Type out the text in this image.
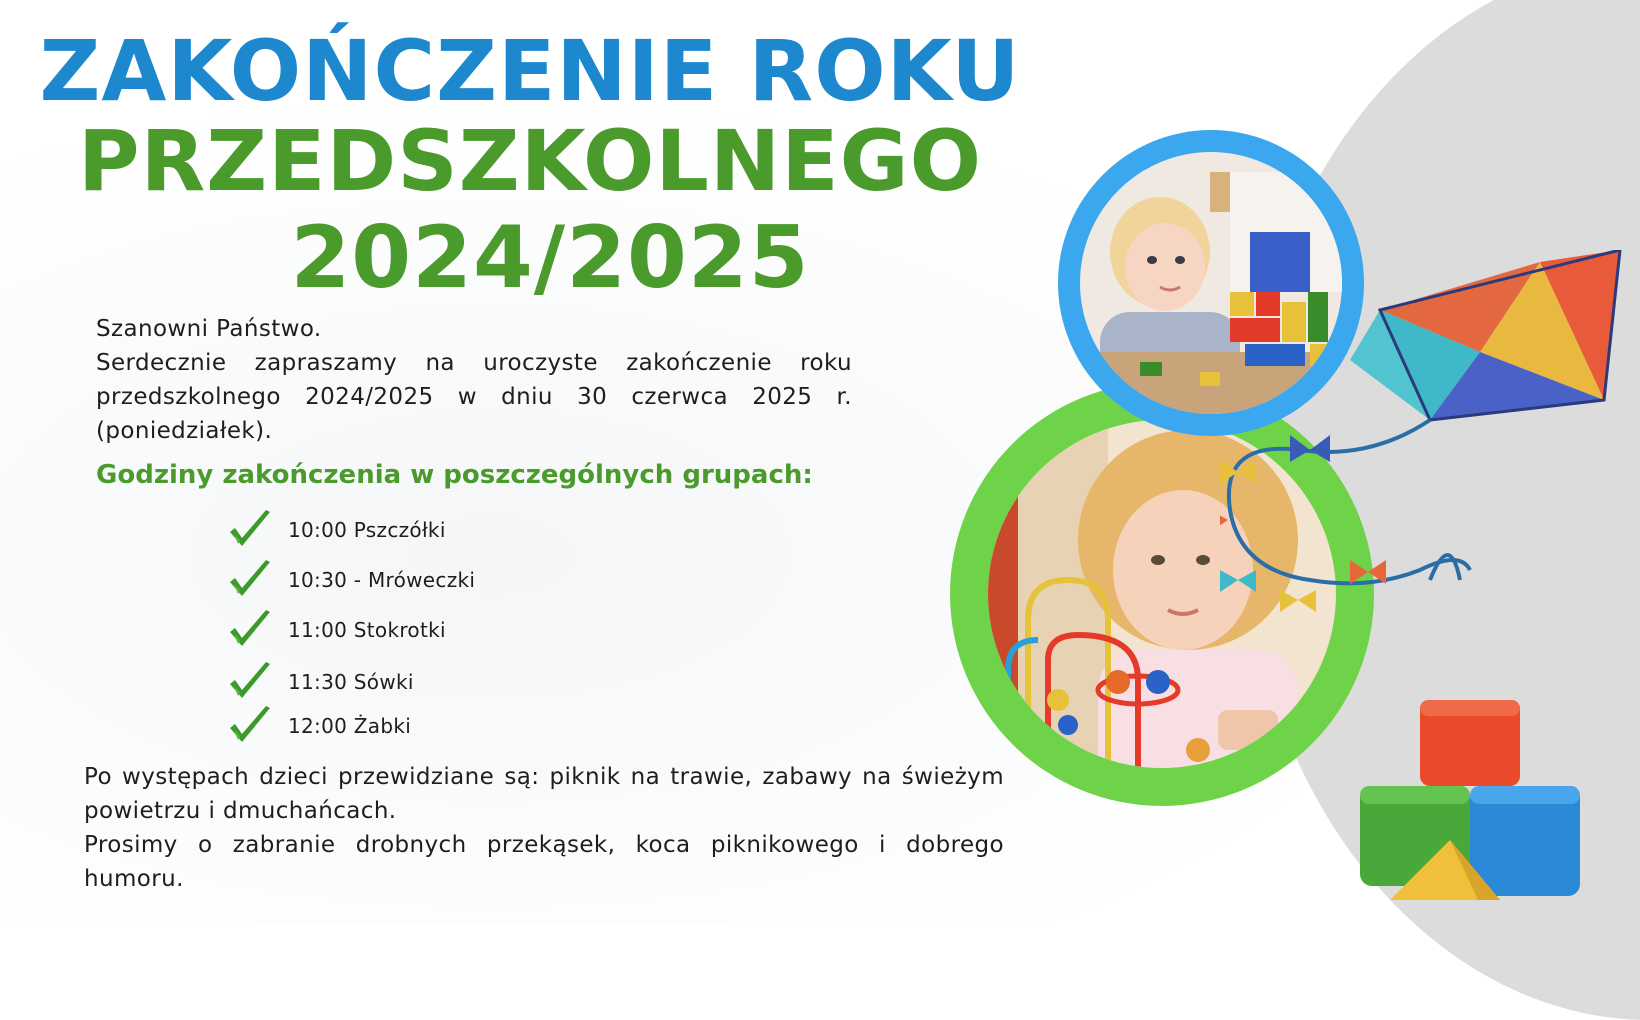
ZAKOŃCZENIE ROKU
PRZEDSZKOLNEGO
2024/2025

Szanowni Państwo.

Serdecznie zapraszamy na uroczyste zakończenie roku przedszkolnego 2024/2025 w dniu 30 czerwca 2025 r. (poniedziałek).

Godziny zakończenia w poszczególnych grupach:
10:00 Pszczółki
10:30 - Mróweczki
11:00 Stokrotki
11:30 Sówki
12:00 Żabki

Po występach dzieci przewidziane są: piknik na trawie, zabawy na świeżym powietrzu i dmuchańcach.

Prosimy o zabranie drobnych przekąsek, koca piknikowego i dobrego humoru.
